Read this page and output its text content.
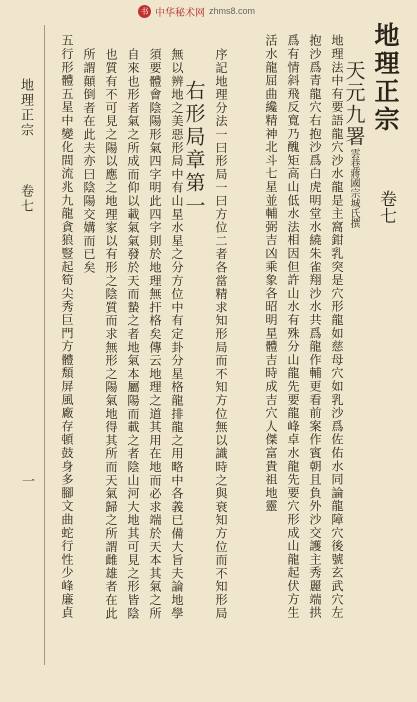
书 中华秘术网 zhms8.com
地理正宗
卷七
天元九署
雲巷蔣國宗城氏撰
地理法中有要語龍穴沙水龍是主窩鉗乳突是穴形龍如慈母穴如乳沙爲佐佑水同論龍障穴後號玄武穴左
抱沙爲青龍穴右抱沙爲白虎明堂水繞朱雀翔沙水共爲龍作輔更看前案作賓朝且負外沙交護主秀麗端拱
爲有情斜飛反寬乃醜矩高山低水法相因但許山水有殊分山龍先要龍峰卓水龍先要穴形成山龍起伏方生
活水龍屈曲纔精神北斗七星並輔弼吉凶乘象各昭明星體吉時成吉穴人傑富貴祖地靈
右形局章第一 序記地理分法一曰形局一曰方位二者各當精求知形局而不知方位無以識時之與衰知方位而不知形局
無以辨地之美惡形局中有山星水星之分方位中有定卦分星格龍排龍之用略中各義已備大旨夫論地學
須要體會陰陽形氣四字明此四字則於地理無扞格矣傳云地理之道其用在地而必求端於天本其氣之所
自來也形者氣之所成而仰以載氣氣發於天而蟄之者地氣本屬陽而載之者陰山河大地其可見之形皆陰
也質有不可見之陽以應之地理家以有形之陰質而求無形之陽氣地得其所而天氣歸之所謂雌雄者在此
所謂顛倒者在此夫亦曰陰陽交媾而已矣
五行形體五星中變化間流兆九龍貪狼豎起筍尖秀巨門方體頽屏風廠存頓鼓身多腳文曲蛇行性少峰廉貞
地理正宗
卷七
一
